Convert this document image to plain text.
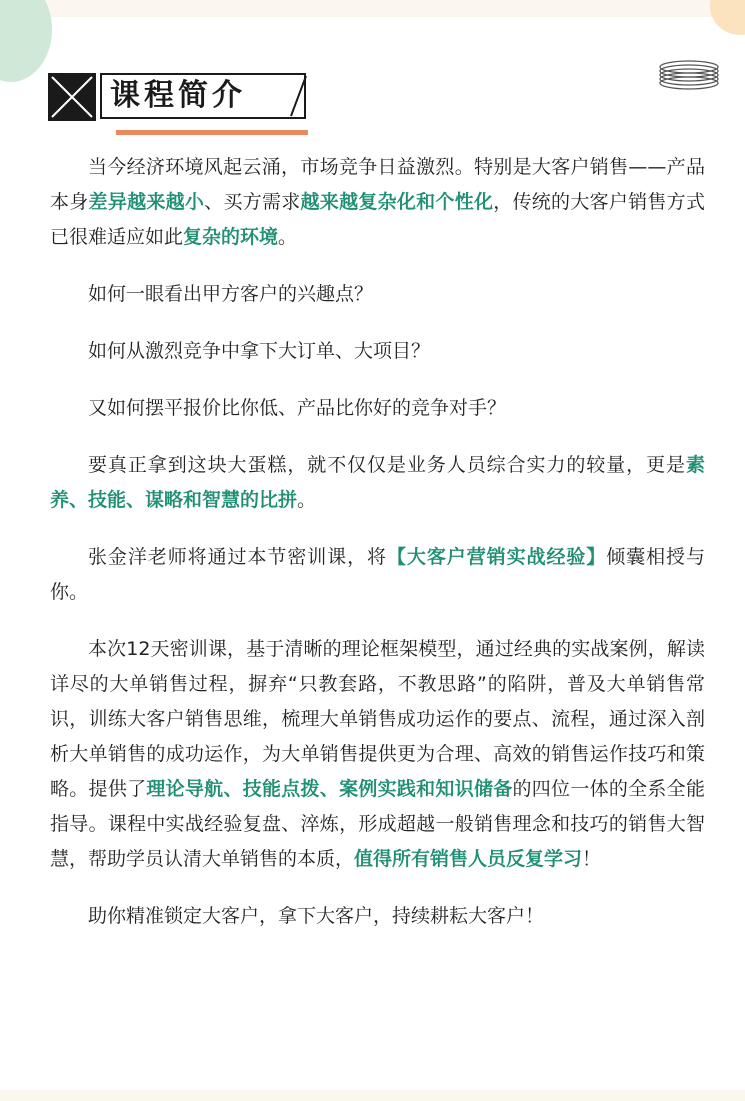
课程简介

当今经济环境风起云涌，市场竞争日益激烈。特别是大客户销售——产品本身差异越来越小、买方需求越来越复杂化和个性化，传统的大客户销售方式已很难适应如此复杂的环境。

如何一眼看出甲方客户的兴趣点？

如何从激烈竞争中拿下大订单、大项目？

又如何摆平报价比你低、产品比你好的竞争对手？

要真正拿到这块大蛋糕，就不仅仅是业务人员综合实力的较量，更是素养、技能、谋略和智慧的比拼。

张金洋老师将通过本节密训课，将【大客户营销实战经验】倾囊相授与你。

本次12天密训课，基于清晰的理论框架模型，通过经典的实战案例，解读详尽的大单销售过程，摒弃“只教套路，不教思路”的陷阱，普及大单销售常识，训练大客户销售思维，梳理大单销售成功运作的要点、流程，通过深入剖析大单销售的成功运作，为大单销售提供更为合理、高效的销售运作技巧和策略。提供了理论导航、技能点拨、案例实践和知识储备的四位一体的全系全能指导。课程中实战经验复盘、淬炼，形成超越一般销售理念和技巧的销售大智慧，帮助学员认清大单销售的本质，值得所有销售人员反复学习！

助你精准锁定大客户，拿下大客户，持续耕耘大客户！
